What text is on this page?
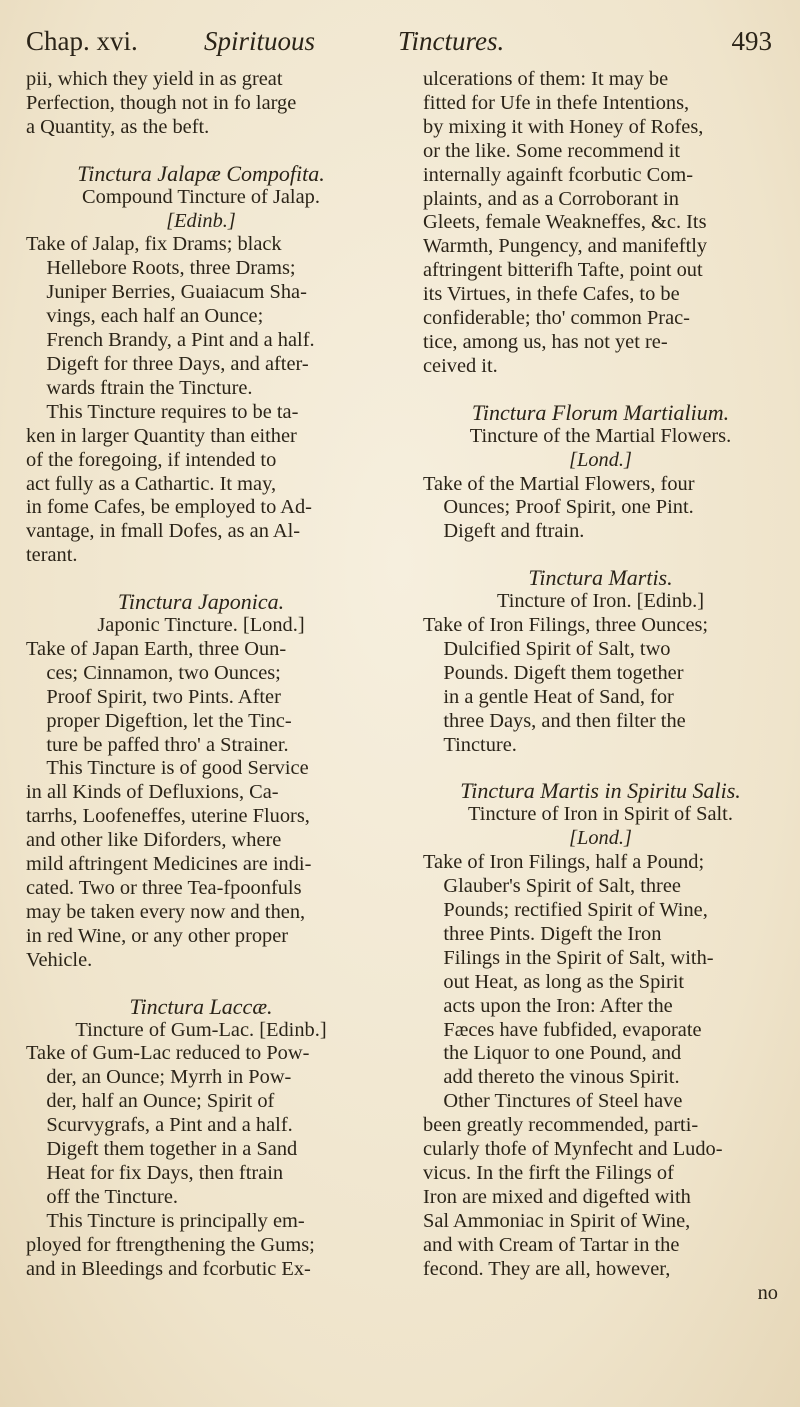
Chap. xvi. Spirituous	Tinctures.	493
pii, which they yield in as great
Perfection, though not in fo large
a Quantity, as the beft.
Tinctura Jalapæ Compofita.
Compound Tincture of Jalap.
[Edinb.]
Take of Jalap, fix Drams; black
Hellebore Roots, three Drams;
Juniper Berries, Guaiacum Sha-
vings, each half an Ounce;
French Brandy, a Pint and a half.
Digeft for three Days, and after-
wards ftrain the Tincture.
This Tincture requires to be ta-
ken in larger Quantity than either
of the foregoing, if intended to
act fully as a Cathartic. It may,
in fome Cafes, be employed to Ad-
vantage, in fmall Dofes, as an Al-
terant.
Tinctura Japonica.
Japonic Tincture. [Lond.]
Take of Japan Earth, three Oun-
ces; Cinnamon, two Ounces;
Proof Spirit, two Pints. After
proper Digeftion, let the Tinc-
ture be paffed thro' a Strainer.
This Tincture is of good Service
in all Kinds of Defluxions, Ca-
tarrhs, Loofeneffes, uterine Fluors,
and other like Diforders, where
mild aftringent Medicines are indi-
cated. Two or three Tea-fpoonfuls
may be taken every now and then,
in red Wine, or any other proper
Vehicle.
Tinctura Laccæ.
Tincture of Gum-Lac. [Edinb.]
Take of Gum-Lac reduced to Pow-
der, an Ounce; Myrrh in Pow-
der, half an Ounce; Spirit of
Scurvygrafs, a Pint and a half.
Digeft them together in a Sand
Heat for fix Days, then ftrain
off the Tincture.
This Tincture is principally em-
ployed for ftrengthening the Gums;
and in Bleedings and fcorbutic Ex-
ulcerations of them: It may be
fitted for Ufe in thefe Intentions,
by mixing it with Honey of Rofes,
or the like. Some recommend it
internally againft fcorbutic Com-
plaints, and as a Corroborant in
Gleets, female Weakneffes, &c. Its
Warmth, Pungency, and manifeftly
aftringent bitterifh Tafte, point out
its Virtues, in thefe Cafes, to be
confiderable; tho' common Prac-
tice, among us, has not yet re-
ceived it.
Tinctura Florum Martialium.
Tincture of the Martial Flowers.
[Lond.]
Take of the Martial Flowers, four
Ounces; Proof Spirit, one Pint.
Digeft and ftrain.
Tinctura Martis.
Tincture of Iron. [Edinb.]
Take of Iron Filings, three Ounces;
Dulcified Spirit of Salt, two
Pounds. Digeft them together
in a gentle Heat of Sand, for
three Days, and then filter the
Tincture.
Tinctura Martis in Spiritu Salis.
Tincture of Iron in Spirit of Salt.
[Lond.]
Take of Iron Filings, half a Pound;
Glauber's Spirit of Salt, three
Pounds; rectified Spirit of Wine,
three Pints. Digeft the Iron
Filings in the Spirit of Salt, with-
out Heat, as long as the Spirit
acts upon the Iron: After the
Fæces have fubfided, evaporate
the Liquor to one Pound, and
add thereto the vinous Spirit.
Other Tinctures of Steel have
been greatly recommended, parti-
cularly thofe of Mynfecht and Ludo-
vicus. In the firft the Filings of
Iron are mixed and digefted with
Sal Ammoniac in Spirit of Wine,
and with Cream of Tartar in the
fecond. They are all, however,
no
